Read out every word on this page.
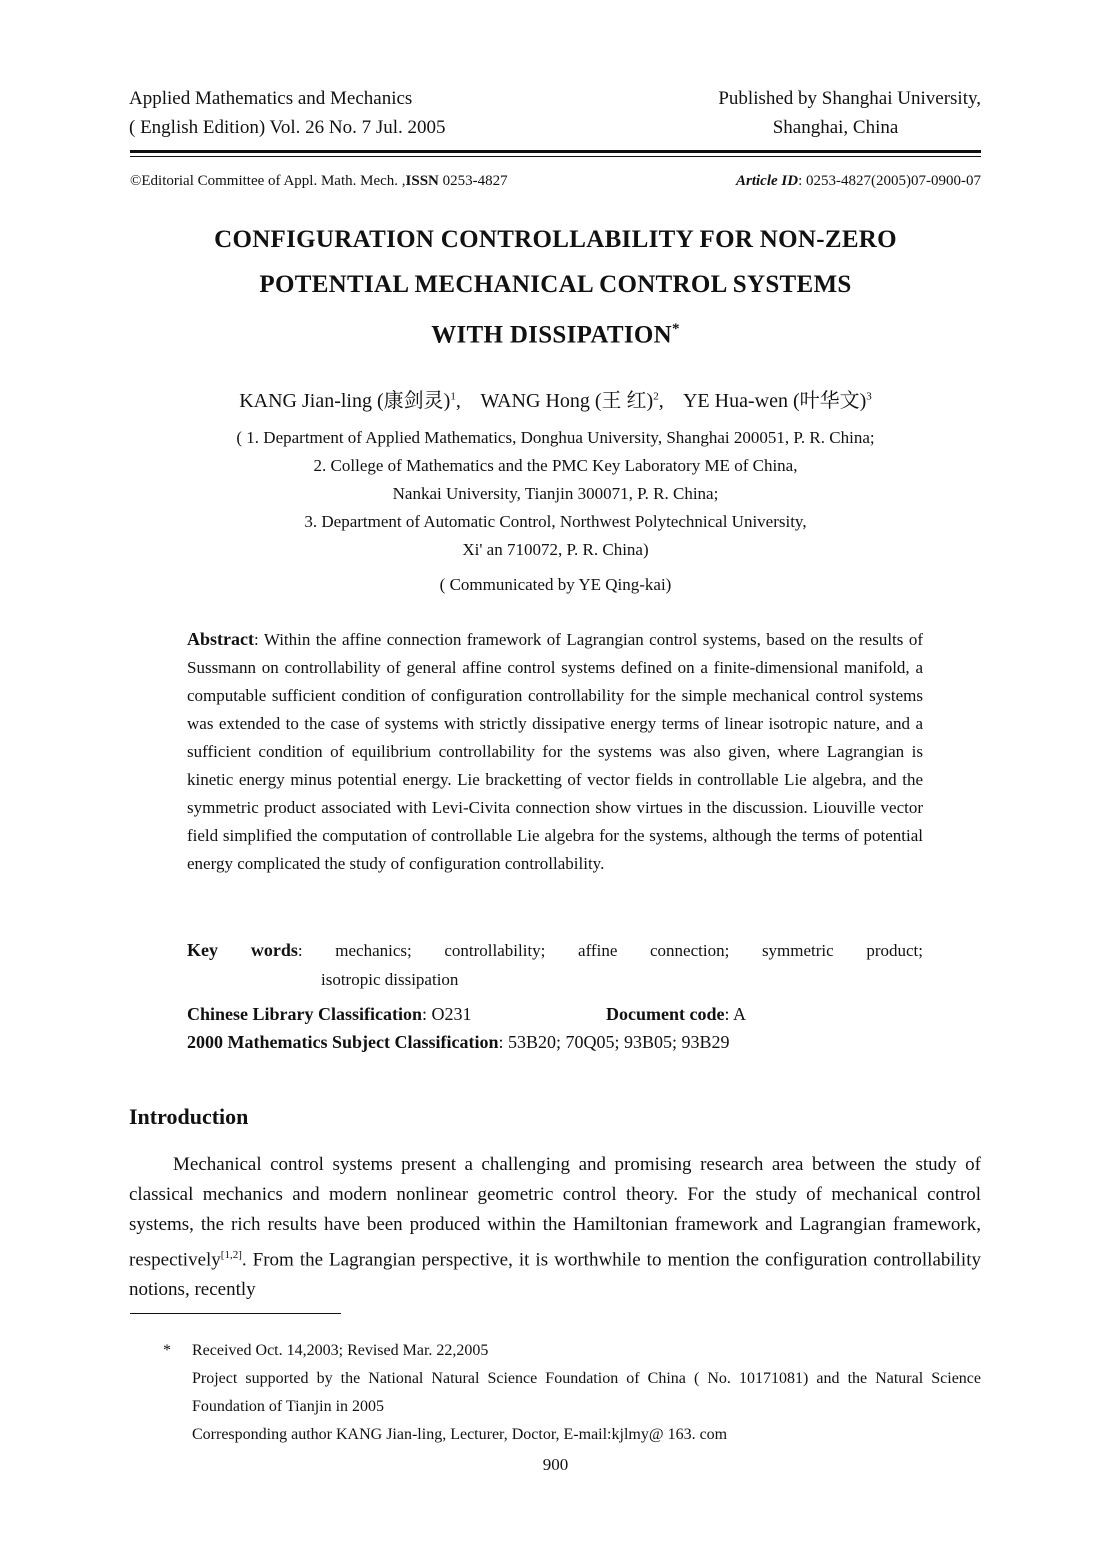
Applied Mathematics and Mechanics
( English Edition) Vol. 26 No. 7 Jul. 2005
Published by Shanghai University,
Shanghai, China
©Editorial Committee of Appl. Math. Mech. ,ISSN 0253-4827	Article ID: 0253-4827(2005)07-0900-07
CONFIGURATION CONTROLLABILITY FOR NON-ZERO
POTENTIAL MECHANICAL CONTROL SYSTEMS
WITH DISSIPATION*
KANG Jian-ling (康剑灵)$^1$, WANG Hong (王 红)$^2$, YE Hua-wen (叶华文)$^3$
( 1. Department of Applied Mathematics, Donghua University, Shanghai 200051, P. R. China;
2. College of Mathematics and the PMC Key Laboratory ME of China,
Nankai University, Tianjin 300071, P. R. China;
3. Department of Automatic Control, Northwest Polytechnical University,
Xi' an 710072, P. R. China)
( Communicated by YE Qing-kai)
Abstract: Within the affine connection framework of Lagrangian control systems, based on the results of Sussmann on controllability of general affine control systems defined on a finite-dimensional manifold, a computable sufficient condition of configuration controllability for the simple mechanical control systems was extended to the case of systems with strictly dissipative energy terms of linear isotropic nature, and a sufficient condition of equilibrium controllability for the systems was also given, where Lagrangian is kinetic energy minus potential energy. Lie bracketting of vector fields in controllable Lie algebra, and the symmetric product associated with Levi-Civita connection show virtues in the discussion. Liouville vector field simplified the computation of controllable Lie algebra for the systems, although the terms of potential energy complicated the study of configuration controllability.
Key words: mechanics; controllability; affine connection; symmetric product;
isotropic dissipation
Chinese Library Classification: O231	Document code: A
2000 Mathematics Subject Classification: 53B20; 70Q05; 93B05; 93B29
Introduction
Mechanical control systems present a challenging and promising research area between the study of classical mechanics and modern nonlinear geometric control theory. For the study of mechanical control systems, the rich results have been produced within the Hamiltonian framework and Lagrangian framework, respectively[1,2]. From the Lagrangian perspective, it is worthwhile to mention the configuration controllability notions, recently
* Received Oct. 14,2003; Revised Mar. 22,2005
Project supported by the National Natural Science Foundation of China ( No. 10171081) and the Natural Science Foundation of Tianjin in 2005
Corresponding author KANG Jian-ling, Lecturer, Doctor, E-mail:kjlmy@ 163. com
900
